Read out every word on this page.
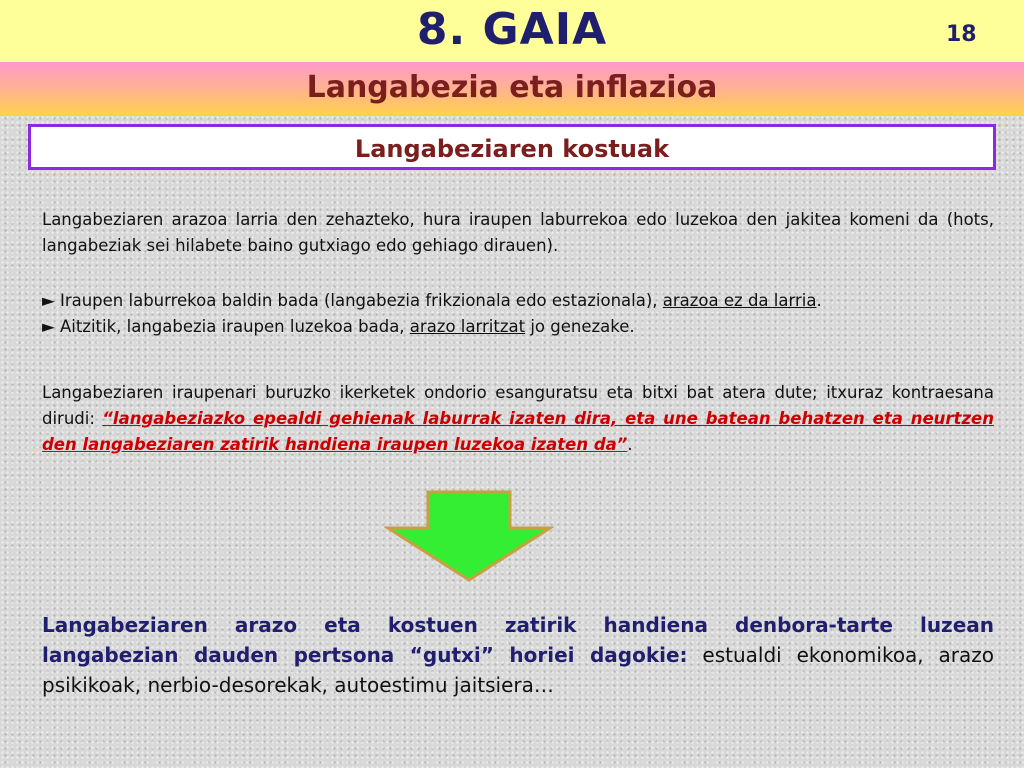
8. GAIA	18
Langabezia eta inflazioa
Langabeziaren kostuak
Langabeziaren arazoa larria den zehazteko, hura iraupen laburrekoa edo luzekoa den jakitea komeni da (hots, langabeziak sei hilabete baino gutxiago edo gehiago dirauen).
► Iraupen laburrekoa baldin bada (langabezia frikzionala edo estazionala), arazoa ez da larria.
► Aitzitik, langabezia iraupen luzekoa bada, arazo larritzat jo genezake.
Langabeziaren iraupenari buruzko ikerketek ondorio esanguratsu eta bitxi bat atera dute; itxuraz kontraesana dirudi: “langabeziazko epealdi gehienak laburrak izaten dira, eta une batean behatzen eta neurtzen den langabeziaren zatirik handiena iraupen luzekoa izaten da”.
Langabeziaren arazo eta kostuen zatirik handiena denbora-tarte luzean langabezian dauden pertsona “gutxi” horiei dagokie: estualdi ekonomikoa, arazo psikikoak, nerbio-desorekak, autoestimu jaitsiera…
